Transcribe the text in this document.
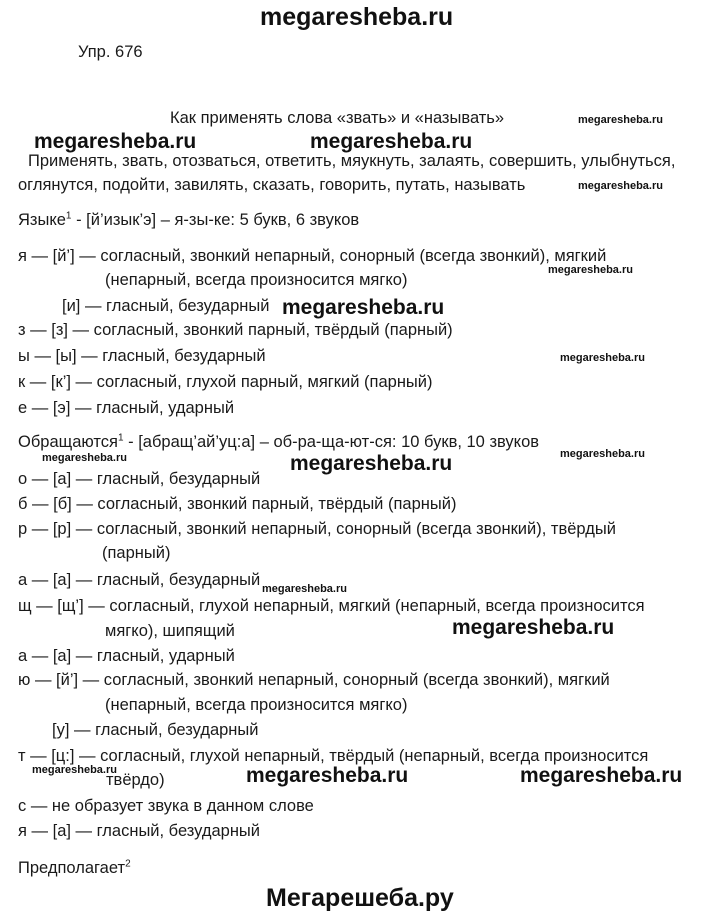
megaresheba.ru
Упр. 676
Как применять слова «звать» и «называть»	megaresheba.ru
megaresheba.ru	megaresheba.ru
Применять, звать, отозваться, ответить, мяукнуть, залаять, совершить, улыбнуться,
оглянутся, подойти, завилять, сказать, говорить, путать, называть	megaresheba.ru
Языке$^1$ - [й’изык’э] – я-зы-ке: 5 букв, 6 звуков
я — [й’] — согласный, звонкий непарный, сонорный (всегда звонкий), мягкий
(непарный, всегда произносится мягко)
megaresheba.ru
[и] — гласный, безударный megaresheba.ru
з — [з] — согласный, звонкий парный, твёрдый (парный)
ы — [ы] — гласный, безударный	megaresheba.ru
к — [к’] — согласный, глухой парный, мягкий (парный)
е — [э] — гласный, ударный
Обращаются$^1$ - [абращ’ай’уц:а] – об-ра-ща-ют-ся: 10 букв, 10 звуков
megaresheba.ru	megaresheba.ru	megaresheba.ru
о — [а] — гласный, безударный
б — [б] — согласный, звонкий парный, твёрдый (парный)
р — [р] — согласный, звонкий непарный, сонорный (всегда звонкий), твёрдый
(парный)
а — [а] — гласный, безударный megaresheba.ru
щ — [щ’] — согласный, глухой непарный, мягкий (непарный, всегда произносится
мягко), шипящий	megaresheba.ru
а — [а] — гласный, ударный
ю — [й’] — согласный, звонкий непарный, сонорный (всегда звонкий), мягкий
(непарный, всегда произносится мягко)
[у] — гласный, безударный
т — [ц:] — согласный, глухой непарный, твёрдый (непарный, всегда произносится
megaresheba.ru
твёрдо)	megaresheba.ru	megaresheba.ru
с — не образует звука в данном слове
я — [а] — гласный, безударный
Предполагает$^2$
Мегарешеба.ру
